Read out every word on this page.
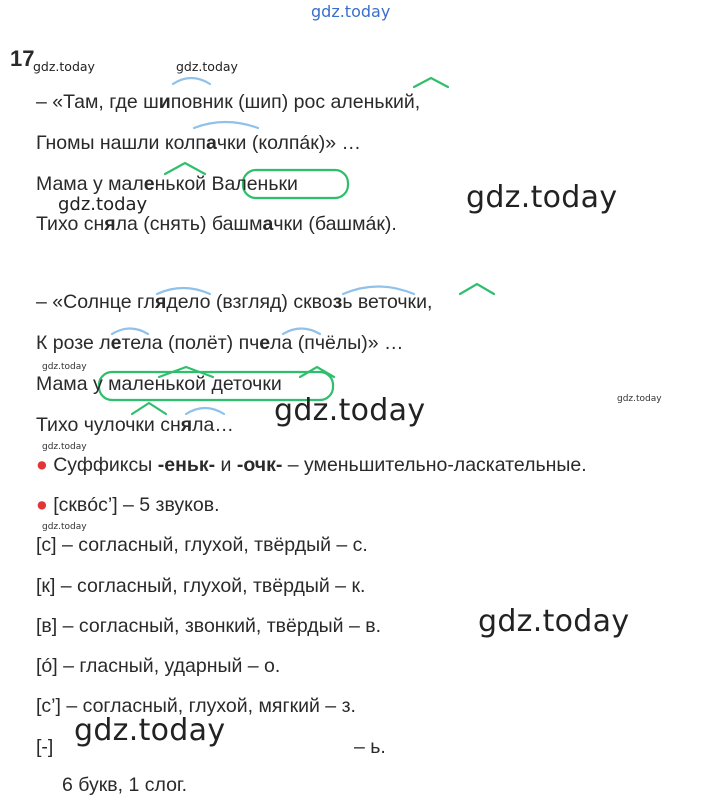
gdz.today
17
gdz.today	gdz.today
– «Там, где шиповник (шип) рос аленький,
Гномы нашли колпачки (колпáк)» …
Мама у маленькой Валеньки	gdz.today
gdz.today
Тихо сняла (снять) башмачки (башмáк).
– «Солнце глядело (взгляд) сквозь веточки,
К розе летела (полёт) пчела (пчёлы)» …
gdz.today
Мама у маленькой деточки
gdz.today
gdz.today
Тихо чулочки сняла…
gdz.today
● Суффиксы -еньк- и -очк- – уменьшительно-ласкательные.
● [сквóс’] – 5 звуков.
gdz.today
[с] – согласный, глухой, твёрдый – с.
[к] – согласный, глухой, твёрдый – к.
[в] – согласный, звонкий, твёрдый – в.	gdz.today
[ó] – гласный, ударный – о.
[с’] – согласный, глухой, мягкий – з.
[-] gdz.today	– ь.
6 букв, 1 слог.
